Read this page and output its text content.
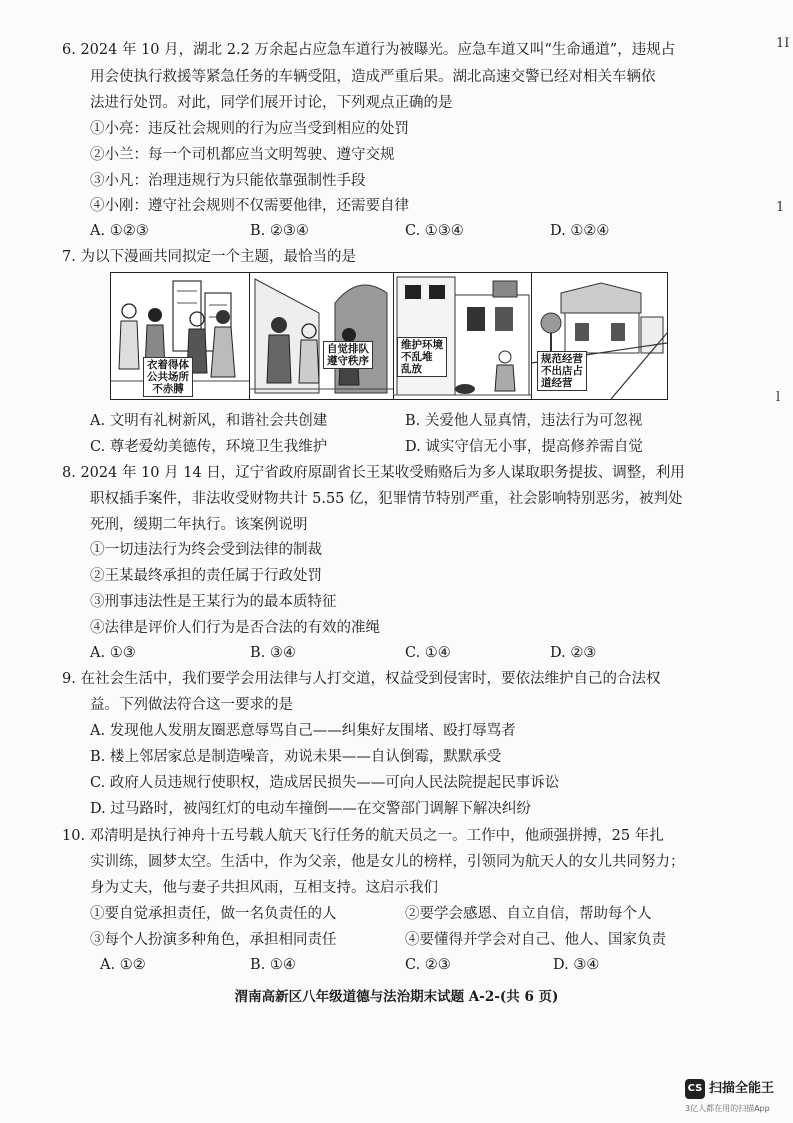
1I
1
l
6. 2024 年 10 月，湖北 2.2 万余起占应急车道行为被曝光。应急车道又叫“生命通道”，违规占
用会使执行救援等紧急任务的车辆受阻，造成严重后果。湖北高速交警已经对相关车辆依
法进行处罚。对此，同学们展开讨论，下列观点正确的是
①小亮：违反社会规则的行为应当受到相应的处罚
②小兰：每一个司机都应当文明驾驶、遵守交规
③小凡：治理违规行为只能依靠强制性手段
④小刚：遵守社会规则不仅需要他律，还需要自律
A. ①②③	B. ②③④	C. ①③④	D. ①②④
7. 为以下漫画共同拟定一个主题，最恰当的是
衣着得体
公共场所
不赤膊
自觉排队
遵守秩序
维护环境
不乱堆
乱放
规范经营
不出店占
道经营
A. 文明有礼树新风，和谐社会共创建	B. 关爱他人显真情，违法行为可忽视
C. 尊老爱幼美德传，环境卫生我维护	D. 诚实守信无小事，提高修养需自觉
8. 2024 年 10 月 14 日，辽宁省政府原副省长王某收受贿赂后为多人谋取职务提拔、调整，利用
职权插手案件，非法收受财物共计 5.55 亿，犯罪情节特别严重，社会影响特别恶劣，被判处
死刑，缓期二年执行。该案例说明
①一切违法行为终会受到法律的制裁
②王某最终承担的责任属于行政处罚
③刑事违法性是王某行为的最本质特征
④法律是评价人们行为是否合法的有效的准绳
A. ①③	B. ③④	C. ①④	D. ②③
9. 在社会生活中，我们要学会用法律与人打交道，权益受到侵害时，要依法维护自己的合法权
益。下列做法符合这一要求的是
A. 发现他人发朋友圈恶意辱骂自己——纠集好友围堵、殴打辱骂者
B. 楼上邻居家总是制造噪音，劝说未果——自认倒霉，默默承受
C. 政府人员违规行使职权，造成居民损失——可向人民法院提起民事诉讼
D. 过马路时，被闯红灯的电动车撞倒——在交警部门调解下解决纠纷
10. 邓清明是执行神舟十五号载人航天飞行任务的航天员之一。工作中，他顽强拼搏，25 年扎
实训练，圆梦太空。生活中，作为父亲，他是女儿的榜样，引领同为航天人的女儿共同努力；
身为丈夫，他与妻子共担风雨，互相支持。这启示我们
①要自觉承担责任，做一名负责任的人	②要学会感恩、自立自信，帮助每个人
③每个人扮演多种角色，承担相同责任	④要懂得并学会对自己、他人、国家负责
A. ①②	B. ①④	C. ②③	D. ③④
渭南高新区八年级道德与法治期末试题 A-2-(共 6 页)
CS 扫描全能王
3亿人都在用的扫描App
